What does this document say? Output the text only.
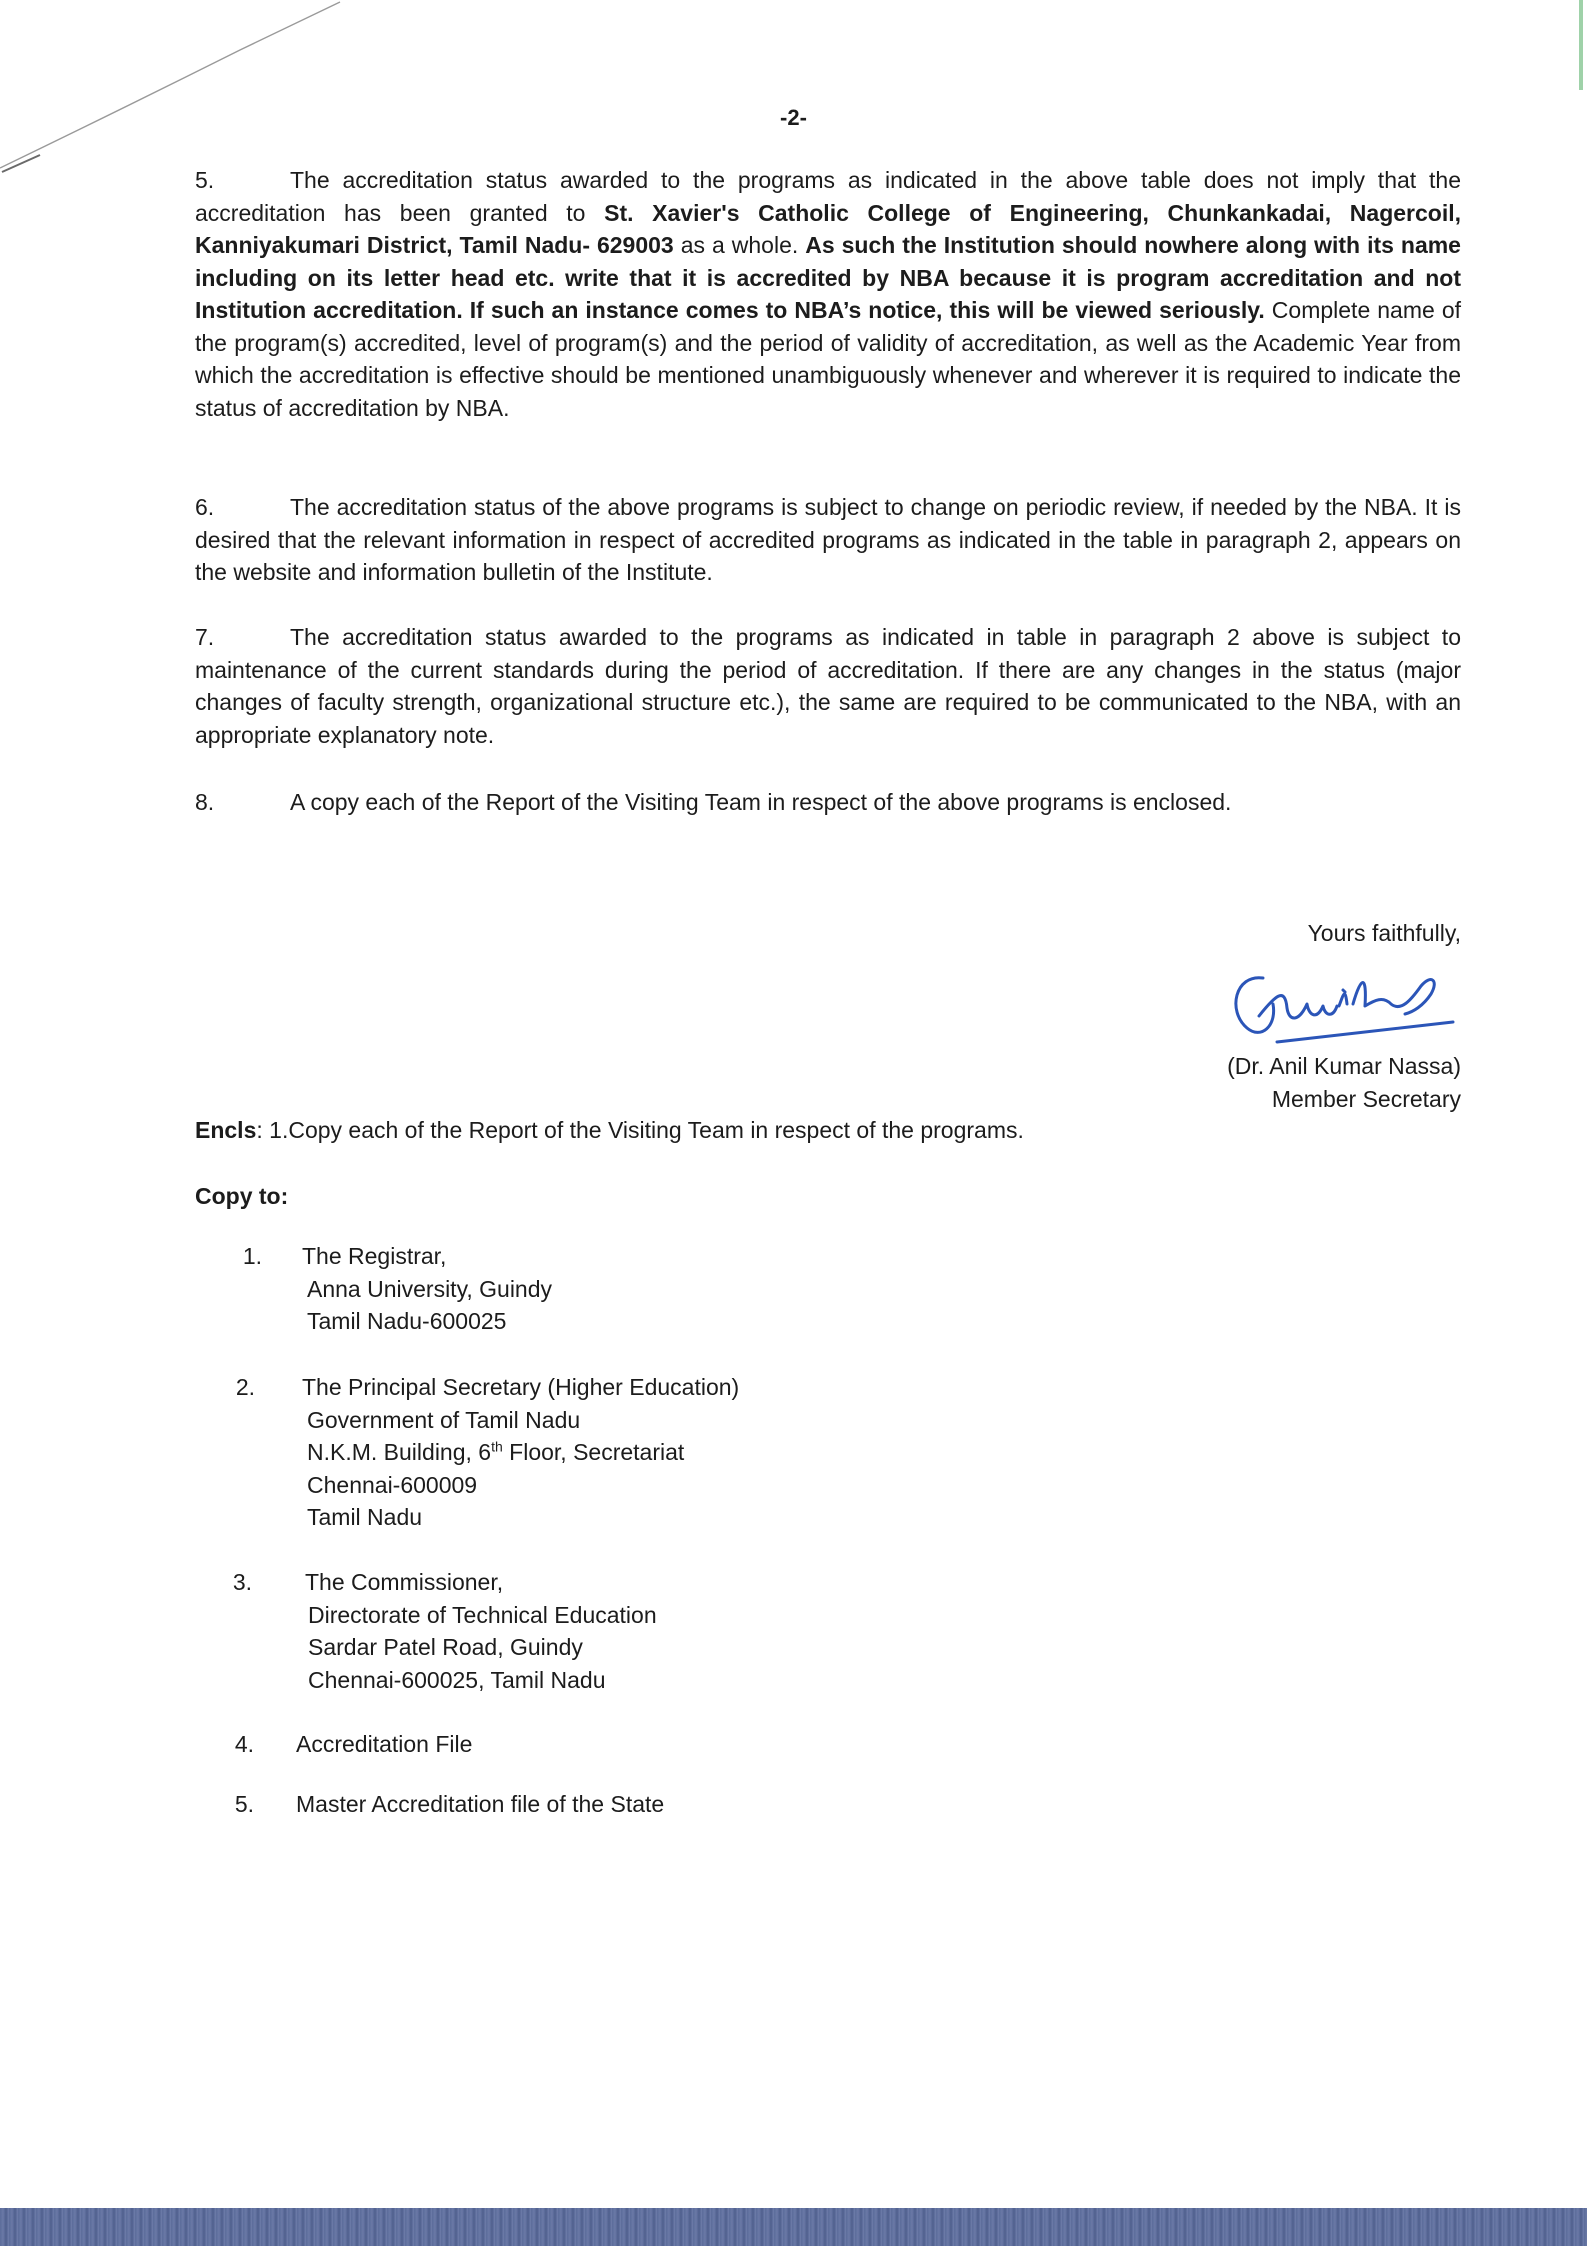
-2-
5.	The accreditation status awarded to the programs as indicated in the above table does not imply that the accreditation has been granted to St. Xavier's Catholic College of Engineering, Chunkankadai, Nagercoil, Kanniyakumari District, Tamil Nadu- 629003 as a whole. As such the Institution should nowhere along with its name including on its letter head etc. write that it is accredited by NBA because it is program accreditation and not Institution accreditation. If such an instance comes to NBA’s notice, this will be viewed seriously. Complete name of the program(s) accredited, level of program(s) and the period of validity of accreditation, as well as the Academic Year from which the accreditation is effective should be mentioned unambiguously whenever and wherever it is required to indicate the status of accreditation by NBA.
6.	The accreditation status of the above programs is subject to change on periodic review, if needed by the NBA. It is desired that the relevant information in respect of accredited programs as indicated in the table in paragraph 2, appears on the website and information bulletin of the Institute.
7.	The accreditation status awarded to the programs as indicated in table in paragraph 2 above is subject to maintenance of the current standards during the period of accreditation. If there are any changes in the status (major changes of faculty strength, organizational structure etc.), the same are required to be communicated to the NBA, with an appropriate explanatory note.
8.	A copy each of the Report of the Visiting Team in respect of the above programs is enclosed.
Yours faithfully,
(Dr. Anil Kumar Nassa)
Member Secretary
Encls: 1.Copy each of the Report of the Visiting Team in respect of the programs.
Copy to:
1. The Registrar,
Anna University, Guindy
Tamil Nadu-600025
2. The Principal Secretary (Higher Education)
Government of Tamil Nadu
N.K.M. Building, 6th Floor, Secretariat
Chennai-600009
Tamil Nadu
3. The Commissioner,
Directorate of Technical Education
Sardar Patel Road, Guindy
Chennai-600025, Tamil Nadu
4. Accreditation File
5. Master Accreditation file of the State
